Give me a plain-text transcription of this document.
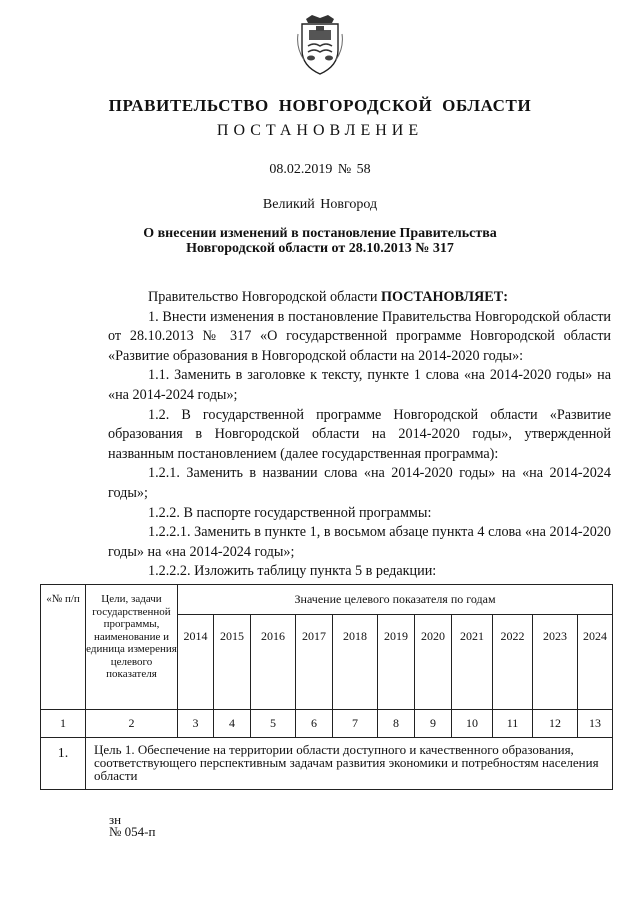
ПРАВИТЕЛЬСТВО НОВГОРОДСКОЙ ОБЛАСТИ
ПОСТАНОВЛЕНИЕ
08.02.2019 № 58
Великий Новгород
О внесении изменений в постановление Правительства Новгородской области от 28.10.2013 № 317

Правительство Новгородской области ПОСТАНОВЛЯЕТ:

1. Внести изменения в постановление Правительства Новгородской области от 28.10.2013 № 317 «О государственной программе Новгородской области «Развитие образования в Новгородской области на 2014-2020 годы»:

1.1. Заменить в заголовке к тексту, пункте 1 слова «на 2014-2020 годы» на «на 2014-2024 годы»;

1.2. В государственной программе Новгородской области «Развитие образования в Новгородской области на 2014-2020 годы», утвержденной названным постановлением (далее государственная программа):

1.2.1. Заменить в названии слова «на 2014-2020 годы» на «на 2014-2024 годы»;

1.2.2. В паспорте государственной программы:

1.2.2.1. Заменить в пункте 1, в восьмом абзаце пункта 4 слова «на 2014-2020 годы» на «на 2014-2024 годы»;

1.2.2.2. Изложить таблицу пункта 5 в редакции:

«№ п/п	Цели, задачи государственной программы, наименование и единица измерения целевого показателя	Значение целевого показателя по годам										
		2014	2015	2016	2017	2018	2019	2020	2021	2022	2023	2024
1	2	3	4	5	6	7	8	9	10	11	12	13
1.	Цель 1. Обеспечение на территории области доступного и качественного образования, соответствующего перспективным задачам развития экономики и потребностям населения области											
зн
№ 054-п
